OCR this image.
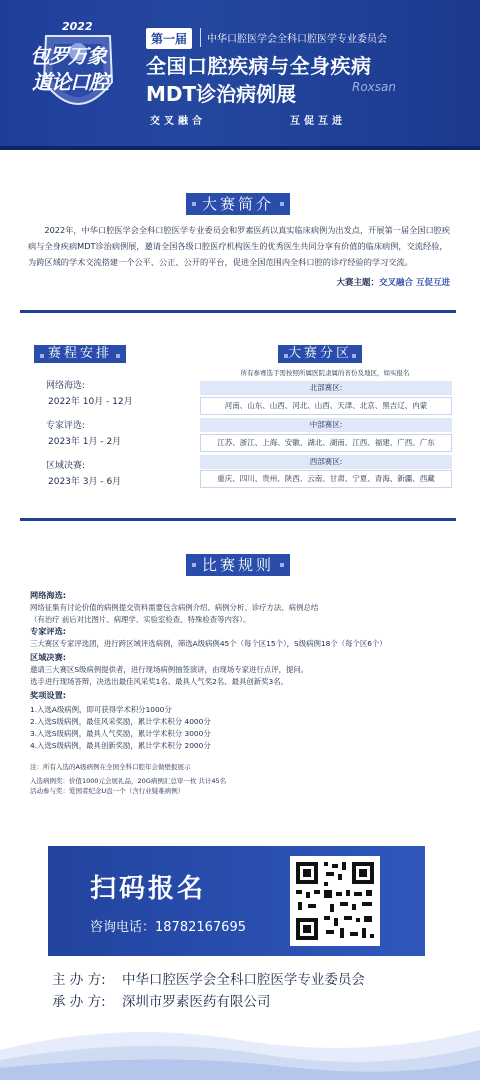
2022
包罗万象
道论口腔
第一届	中华口腔医学会全科口腔医学专业委员会
全国口腔疾病与全身疾病
MDT诊治病例展
交叉融合	互促互进
Roxsan
大赛简介
2022年，中华口腔医学会全科口腔医学专业委员会和罗素医药以真实临床病例为出发点，开展第一届全国口腔疾病与全身疾病MDT诊治病例展，邀请全国各级口腔医疗机构医生的优秀医生共同分享有价值的临床病例，交流经验，为跨区域的学术交流搭建一个公平、公正、公开的平台，促进全国范围内全科口腔的诊疗经验的学习交流。
大赛主题：交叉融合 互促互进
赛程安排
网络海选:
2022年 10月 - 12月
专家评选:
2023年 1月 - 2月
区域决赛:
2023年 3月 - 6月
大赛分区
所有参赛选手需按照所属医院隶属的省份及地区，如实报名
北部赛区:
河南、山东、山西、河北、山西、天津、北京、黑吉辽、内蒙
中部赛区:
江苏、浙江、上海、安徽、湖北、湖南、江西、福建、广西、广东
西部赛区:
重庆、四川、贵州、陕西、云南、甘肃、宁夏、青海、新疆、西藏
比赛规则
网络海选:
网络征集有讨论价值的病例提交资料需要包含病例介绍、病例分析、诊疗方法、病例总结
（有治疗 前后对比图片、病理学、实验室检查、特殊检查等内容）。
专家评选:
三大赛区专家评选团，进行跨区域评选病例，筛选A级病例45个（每个区15个），S级病例18个（每个区6个）
区域决赛:
邀请三大赛区S级病例提供者，进行现场病例抽签演讲，由现场专家进行点评，提问。
选手进行现场答辩，决选出最佳风采奖1名、最具人气奖2名、最具创新奖3名。
奖项设置:
1.入选A级病例，即可获得学术积分1000分
2.入选S级病例，最佳风采奖励，累计学术积分 4000分
3.入选S级病例，最具人气奖励，累计学术积分 3000分
4.入选S级病例，最具创新奖励，累计学术积分 2000分
注：所有入选的A级病例在全国全科口腔年会做壁报展示
入选病例奖：价值1000元会展礼品，20G病例汇总审一枚 共计45名
活动参与奖：爱国者纪念U盘一个（含行业疑难病例）
扫码报名
咨询电话：18782167695
主 办 方: 中华口腔医学会全科口腔医学专业委员会
承 办 方: 深圳市罗素医药有限公司
